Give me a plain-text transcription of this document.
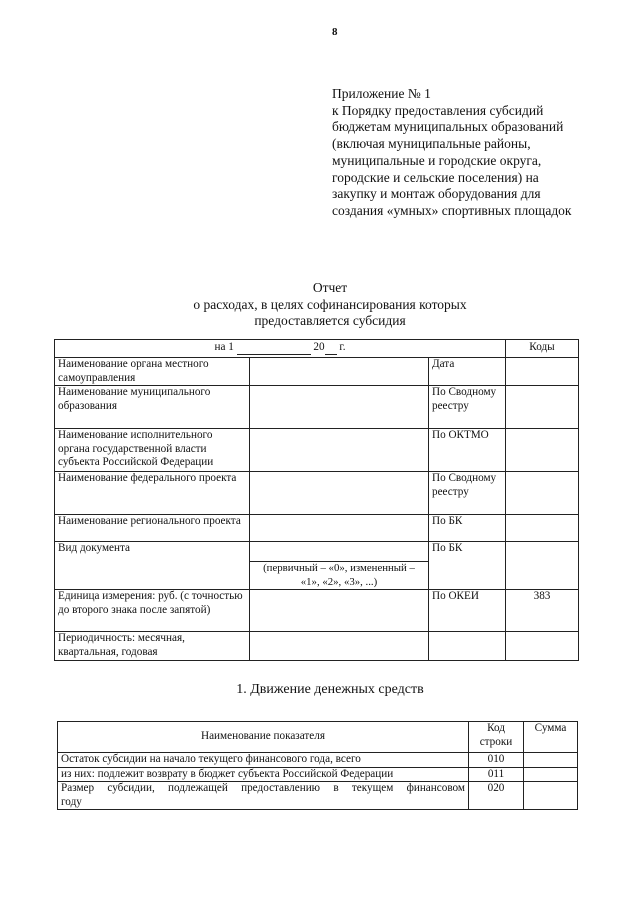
8

Приложение № 1

к Порядку предоставления субсидий бюджетам муниципальных образований (включая муниципальные районы, муниципальные и городские округа, городские и сельские поселения) на закупку и монтаж оборудования для создания «умных» спортивных площадок

Отчет
о расходах, в целях софинансирования которых
предоставляется субсидия
на 1 20 г.			Коды
Наименование органа местного самоуправления		Дата	
Наименование муниципального образования		По Сводному реестру	
Наименование исполнительного органа государственной власти субъекта Российской Федерации		По ОКТМО	
Наименование федерального проекта		По Сводному реестру	
Наименование регионального проекта		По БК	
Вид документа		По БК	
	(первичный – «0», измененный – «1», «2», «3», ...)		
Единица измерения: руб. (с точностью до второго знака после запятой)		По ОКЕИ	383
Периодичность: месячная, квартальная, годовая			
1. Движение денежных средств
Наименование показателя	Код строки	Сумма
Остаток субсидии на начало текущего финансового года, всего	010	
из них: подлежит возврату в бюджет субъекта Российской Федерации	011	

Размер субсидии, подлежащей предоставлению в текущем финансовом
году	020	
